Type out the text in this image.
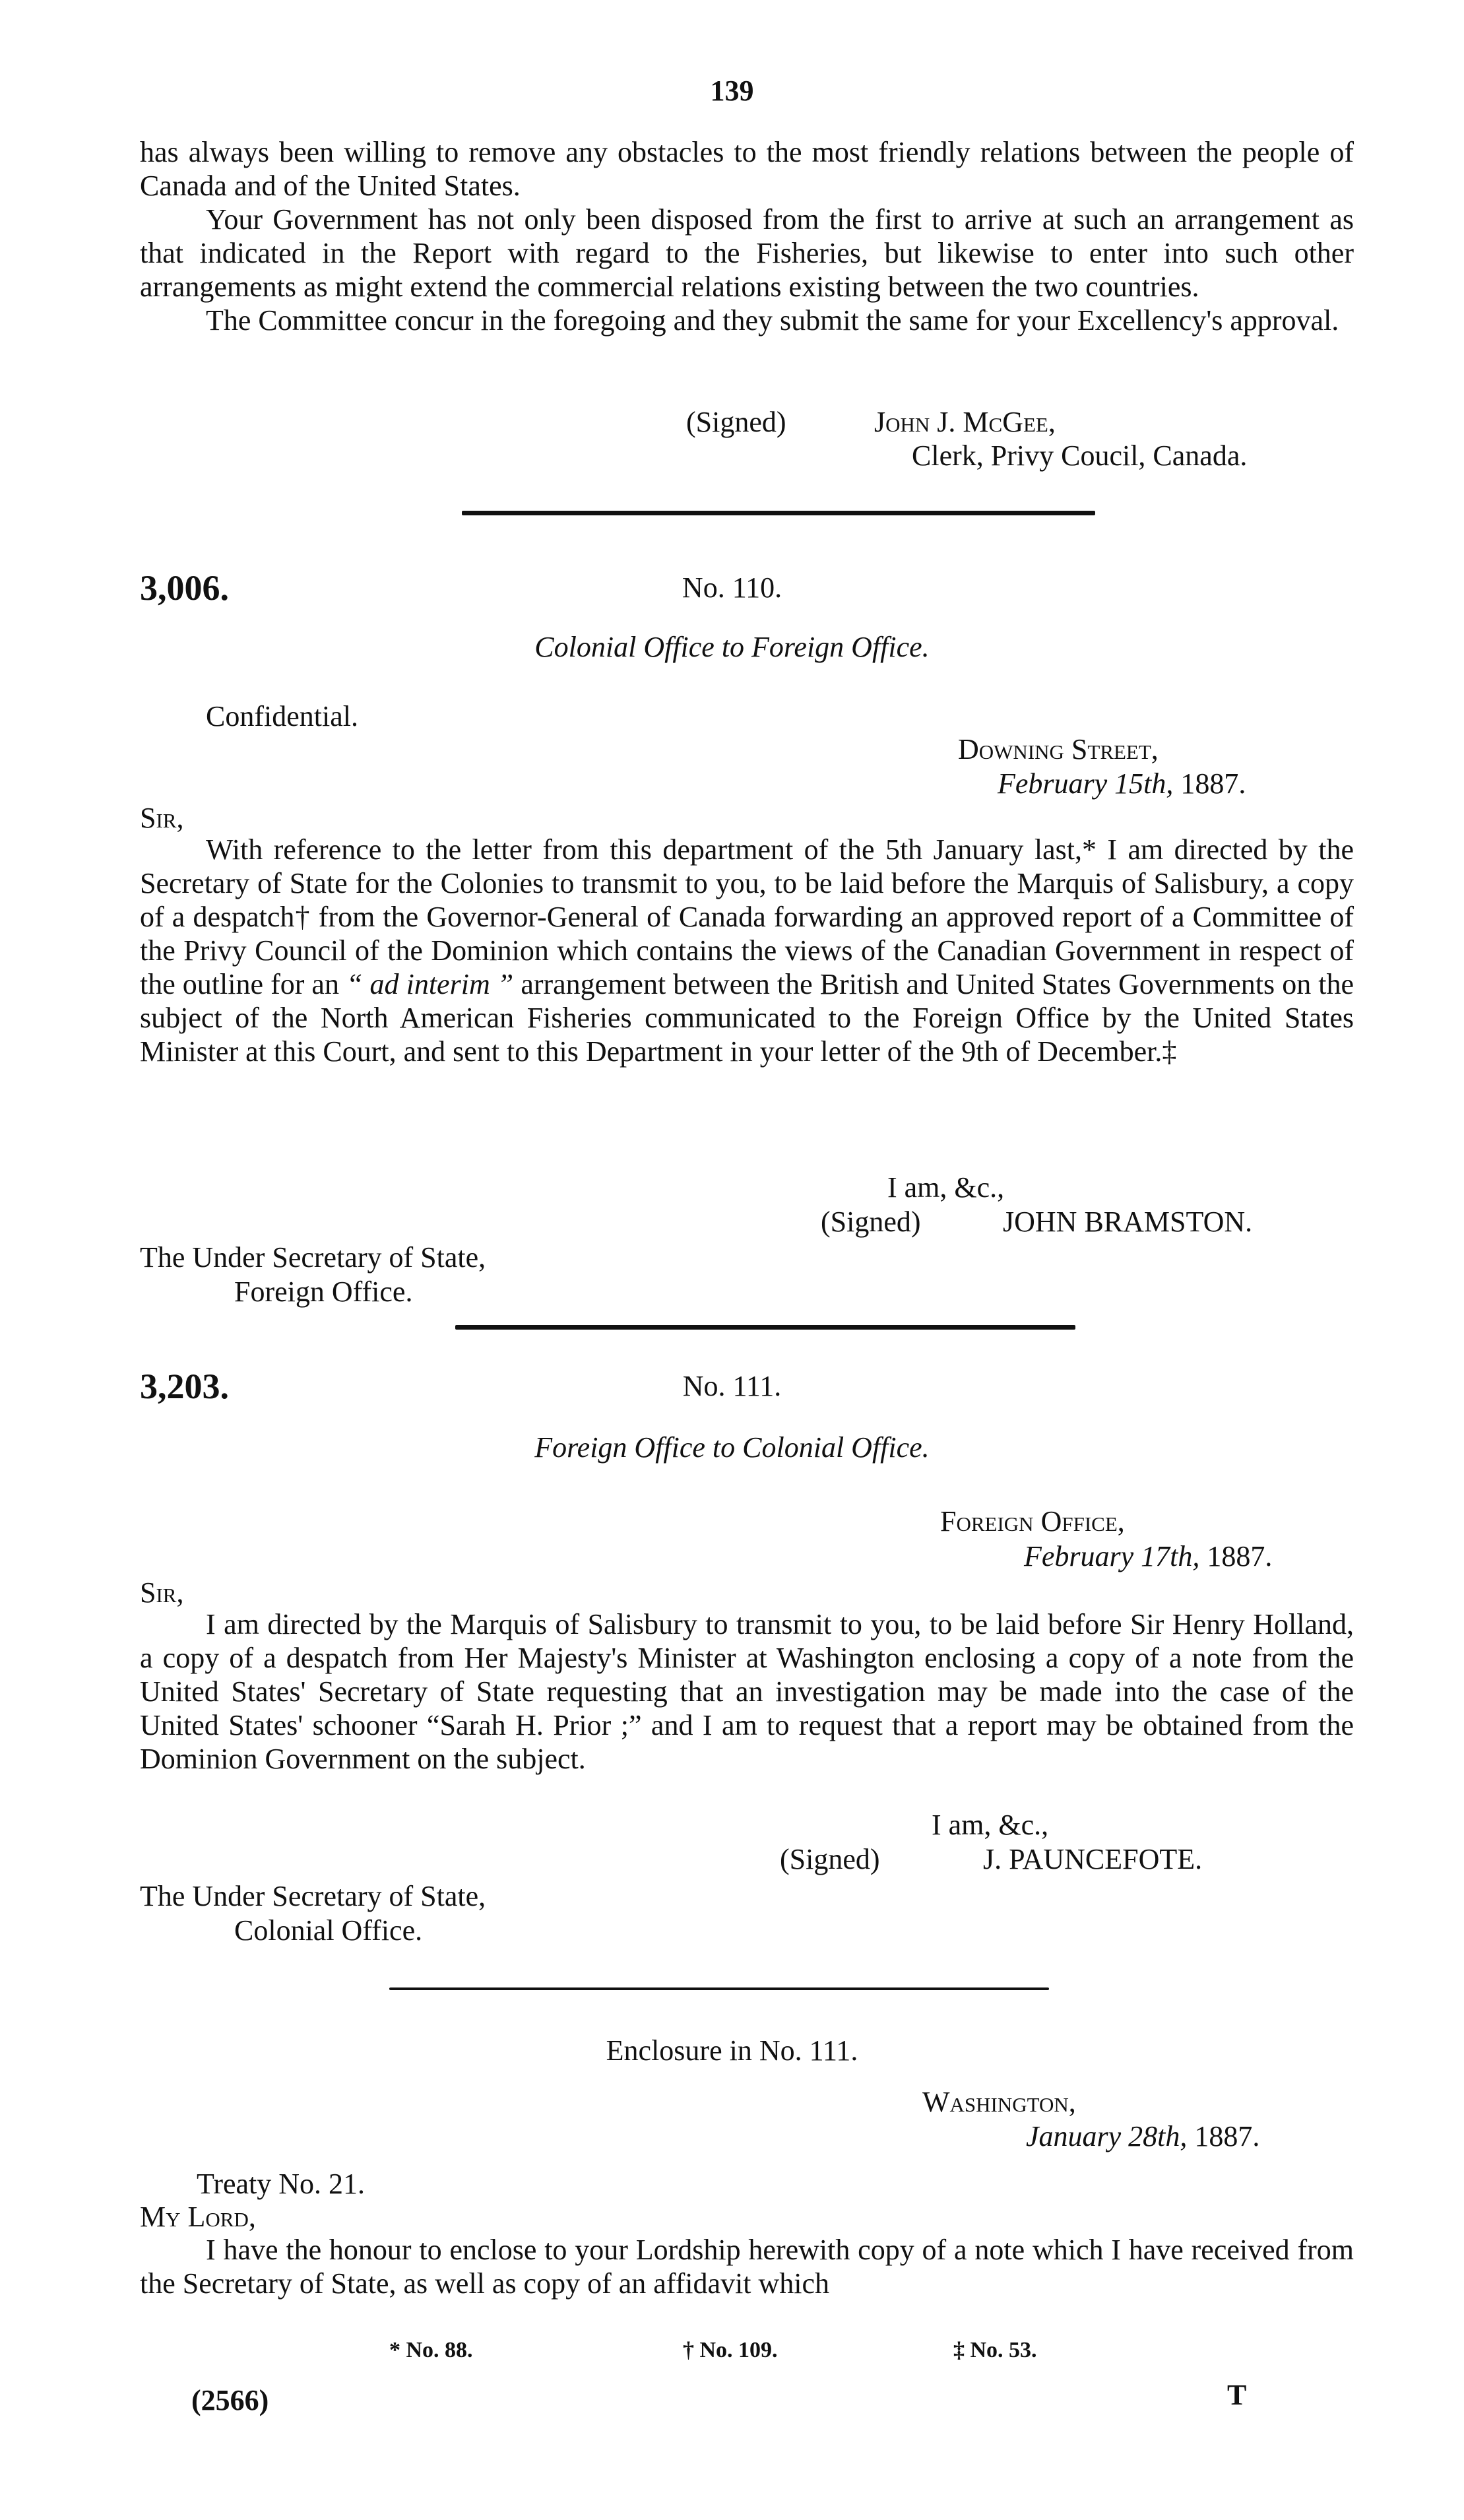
139

has always been willing to remove any obstacles to the most friendly relations between the people of Canada and of the United States.

Your Government has not only been disposed from the first to arrive at such an arrangement as that indicated in the Report with regard to the Fisheries, but likewise to enter into such other arrangements as might extend the commercial relations existing between the two countries.

The Committee concur in the foregoing and they submit the same for your Excellency's approval.

(Signed)	John J. McGee,
Clerk, Privy Coucil, Canada.
3,006.	No. 110.
Colonial Office to Foreign Office.
Confidential.
Downing Street,
February 15th, 1887.
Sir,

With reference to the letter from this department of the 5th January last,* I am directed by the Secretary of State for the Colonies to transmit to you, to be laid before the Marquis of Salisbury, a copy of a despatch† from the Governor-General of Canada forwarding an approved report of a Committee of the Privy Council of the Dominion which contains the views of the Canadian Government in respect of the outline for an “ ad interim ” arrangement between the British and United States Governments on the subject of the North American Fisheries communicated to the Foreign Office by the United States Minister at this Court, and sent to this Department in your letter of the 9th of December.‡

I am, &c.,
(Signed)	JOHN BRAMSTON.
The Under Secretary of State,
Foreign Office.
3,203.	No. 111.
Foreign Office to Colonial Office.
Foreign Office,
February 17th, 1887.
Sir,

I am directed by the Marquis of Salisbury to transmit to you, to be laid before Sir Henry Holland, a copy of a despatch from Her Majesty's Minister at Washington enclosing a copy of a note from the United States' Secretary of State requesting that an investigation may be made into the case of the United States' schooner “Sarah H. Prior ;” and I am to request that a report may be obtained from the Dominion Government on the subject.

I am, &c.,
(Signed)	J. PAUNCEFOTE.
The Under Secretary of State,
Colonial Office.
Enclosure in No. 111.
Washington,
January 28th, 1887.
Treaty No. 21.
My Lord,

I have the honour to enclose to your Lordship herewith copy of a note which I have received from the Secretary of State, as well as copy of an affidavit which

* No. 88.	† No. 109.	‡ No. 53.
(2566)	T
